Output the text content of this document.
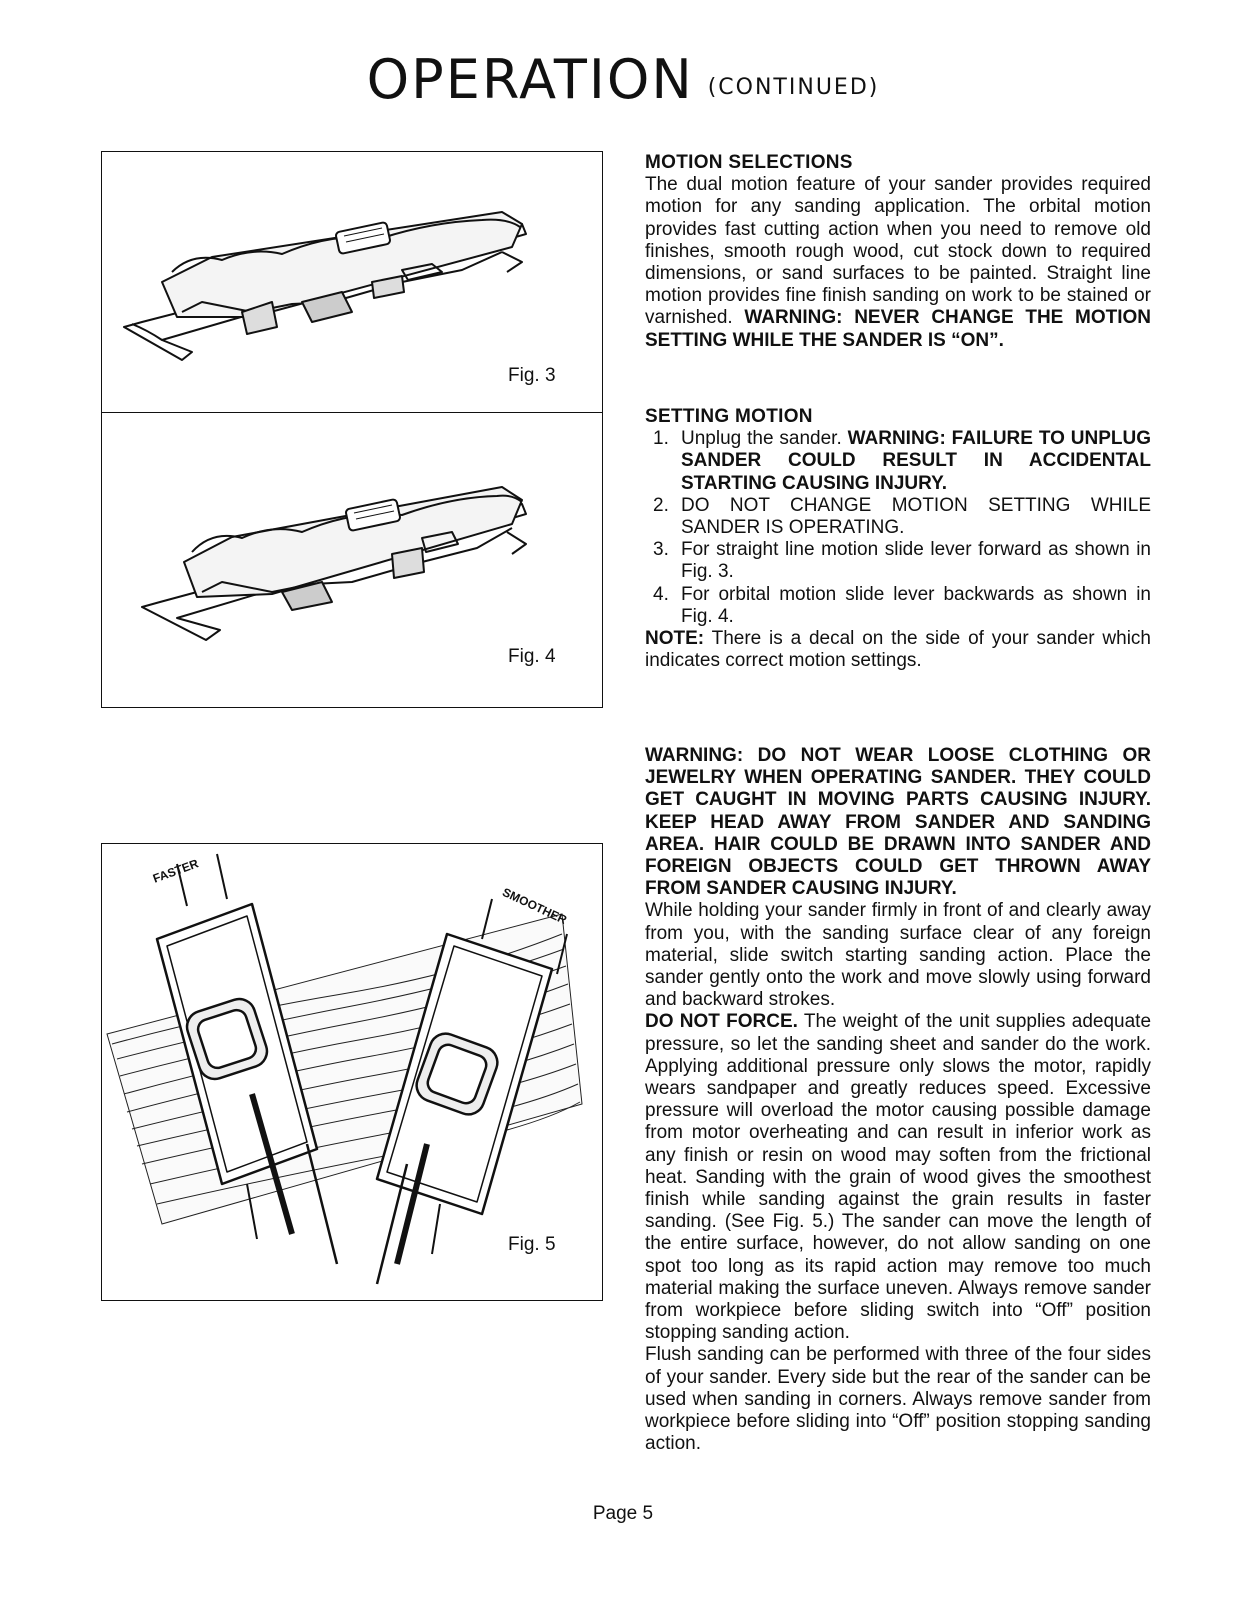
OPERATION (CONTINUED)
Fig. 3
Fig. 4
FASTER
SMOOTHER
Fig. 5
MOTION SELECTIONS

The dual motion feature of your sander provides required motion for any sanding application. The orbital motion provides fast cutting action when you need to remove old finishes, smooth rough wood, cut stock down to required dimensions, or sand surfaces to be painted. Straight line motion provides fine finish sanding on work to be stained or varnished. WARNING: NEVER CHANGE THE MOTION SETTING WHILE THE SANDER IS “ON”.

SETTING MOTION
1. Unplug the sander. WARNING: FAILURE TO UNPLUG SANDER COULD RESULT IN ACCIDENTAL STARTING CAUSING INJURY.
2. DO NOT CHANGE MOTION SETTING WHILE SANDER IS OPERATING.
3. For straight line motion slide lever forward as shown in Fig. 3.
4. For orbital motion slide lever backwards as shown in Fig. 4.

NOTE: There is a decal on the side of your sander which indicates correct motion settings.

WARNING: DO NOT WEAR LOOSE CLOTHING OR JEWELRY WHEN OPERATING SANDER. THEY COULD GET CAUGHT IN MOVING PARTS CAUSING INJURY. KEEP HEAD AWAY FROM SANDER AND SANDING AREA. HAIR COULD BE DRAWN INTO SANDER AND FOREIGN OBJECTS COULD GET THROWN AWAY FROM SANDER CAUSING INJURY.

While holding your sander firmly in front of and clearly away from you, with the sanding surface clear of any foreign material, slide switch starting sanding action. Place the sander gently onto the work and move slowly using forward and backward strokes.

DO NOT FORCE. The weight of the unit supplies adequate pressure, so let the sanding sheet and sander do the work. Applying additional pressure only slows the motor, rapidly wears sandpaper and greatly reduces speed. Excessive pressure will overload the motor causing possible damage from motor overheating and can result in inferior work as any finish or resin on wood may soften from the frictional heat. Sanding with the grain of wood gives the smoothest finish while sanding against the grain results in faster sanding. (See Fig. 5.) The sander can move the length of the entire surface, however, do not allow sanding on one spot too long as its rapid action may remove too much material making the surface uneven. Always remove sander from workpiece before sliding switch into “Off” position stopping sanding action.

Flush sanding can be performed with three of the four sides of your sander. Every side but the rear of the sander can be used when sanding in corners. Always remove sander from workpiece before sliding into “Off” position stopping sanding action.

Page 5
